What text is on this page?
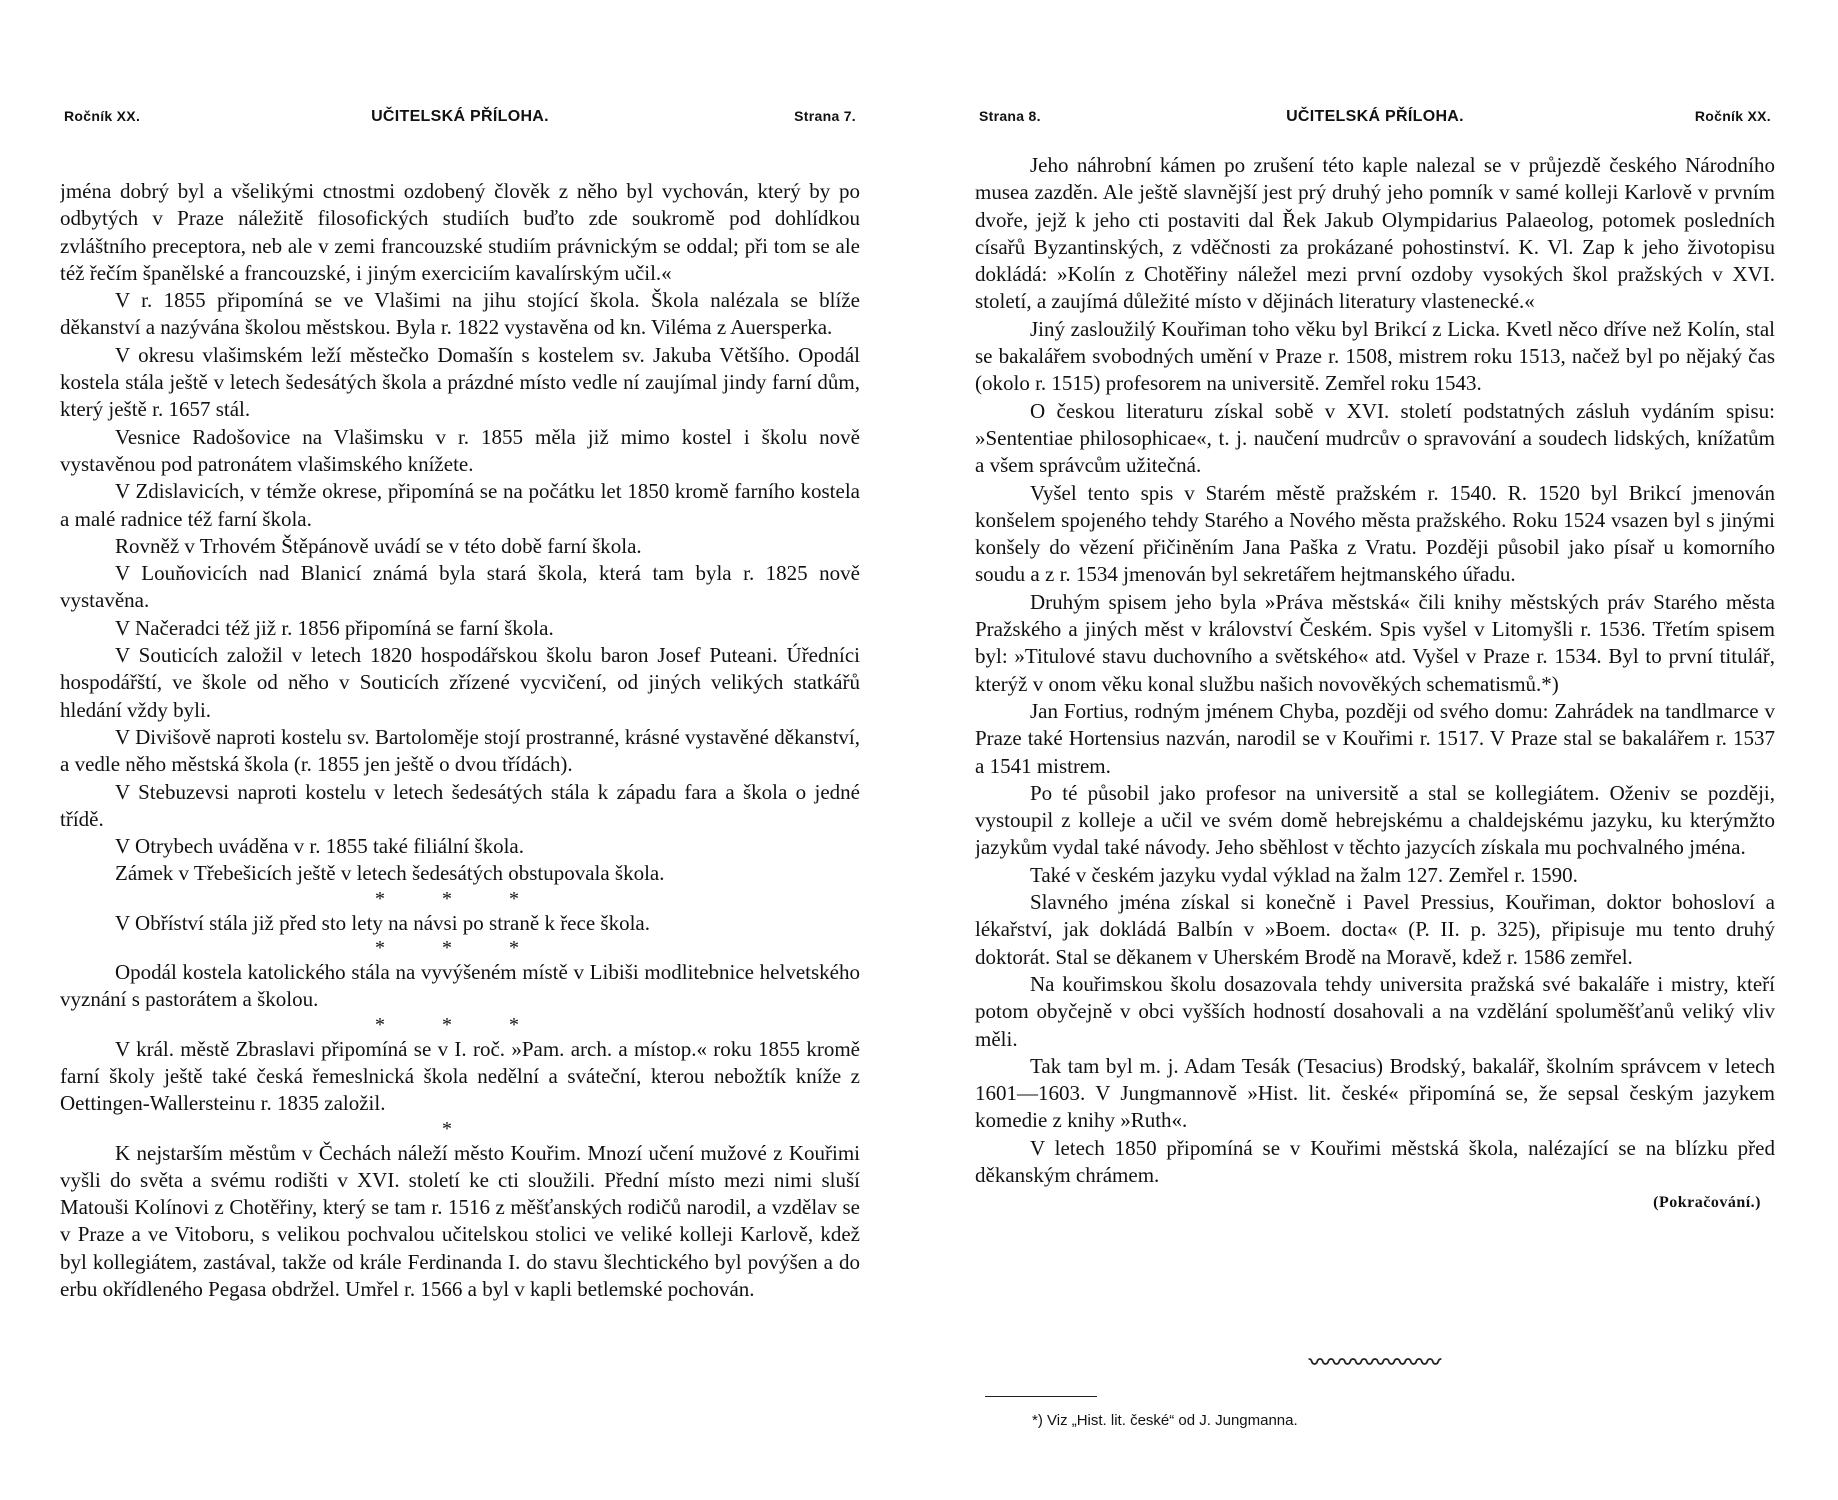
Ročník XX.	UČITELSKÁ PŘÍLOHA.	Strana 7.

jména dobrý byl a všelikými ctnostmi ozdobený člověk z něho byl vychován, který by po odbytých v Praze náležitě filosofických studiích buďto zde soukromě pod dohlídkou zvláštního preceptora, neb ale v zemi francouzské studiím právnickým se oddal; při tom se ale též řečím španělské a francouzské, i jiným exerciciím kavalírským učil.«

V r. 1855 připomíná se ve Vlašimi na jihu stojící škola. Škola nalézala se blíže děkanství a nazývána školou městskou. Byla r. 1822 vystavěna od kn. Viléma z Auersperka.

V okresu vlašimském leží městečko Domašín s kostelem sv. Jakuba Většího. Opodál kostela stála ještě v letech šedesátých škola a prázdné místo vedle ní zaujímal jindy farní dům, který ještě r. 1657 stál.

Vesnice Radošovice na Vlašimsku v r. 1855 měla již mimo kostel i školu nově vystavěnou pod patronátem vlašimského knížete.

V Zdislavicích, v témže okrese, připomíná se na počátku let 1850 kromě farního kostela a malé radnice též farní škola.

Rovněž v Trhovém Štěpánově uvádí se v této době farní škola.

V Louňovicích nad Blanicí známá byla stará škola, která tam byla r. 1825 nově vystavěna.

V Načeradci též již r. 1856 připomíná se farní škola.

V Souticích založil v letech 1820 hospodářskou školu baron Josef Puteani. Úředníci hospodářští, ve škole od něho v Souticích zřízené vycvičení, od jiných velikých statkářů hledání vždy byli.

V Divišově naproti kostelu sv. Bartoloměje stojí prostranné, krásné vystavěné děkanství, a vedle něho městská škola (r. 1855 jen ještě o dvou třídách).

V Stebuzevsi naproti kostelu v letech šedesátých stála k západu fara a škola o jedné třídě.

V Otrybech uváděna v r. 1855 také filiální škola.

Zámek v Třebešicích ještě v letech šedesátých obstupovala škola.

* * *

V Obříství stála již před sto lety na návsi po straně k řece škola.

* * *

Opodál kostela katolického stála na vyvýšeném místě v Libiši modlitebnice helvetského vyznání s pastorátem a školou.

* * *

V král. městě Zbraslavi připomíná se v I. roč. »Pam. arch. a místop.« roku 1855 kromě farní školy ještě také česká řemeslnická škola nedělní a sváteční, kterou nebožtík kníže z Oettingen-Wallersteinu r. 1835 založil.

*

K nejstarším městům v Čechách náleží město Kouřim. Mnozí učení mužové z Kouřimi vyšli do světa a svému rodišti v XVI. století ke cti sloužili. Přední místo mezi nimi sluší Matouši Kolínovi z Chotěřiny, který se tam r. 1516 z měšťanských rodičů narodil, a vzdělav se v Praze a ve Vitoboru, s velikou pochvalou učitelskou stolici ve veliké kolleji Karlově, kdež byl kollegiátem, zastával, takže od krále Ferdinanda I. do stavu šlechtického byl povýšen a do erbu okřídleného Pegasa obdržel. Umřel r. 1566 a byl v kapli betlemské pochován.

Strana 8.	UČITELSKÁ PŘÍLOHA.	Ročník XX.

Jeho náhrobní kámen po zrušení této kaple nalezal se v průjezdě českého Národního musea zazděn. Ale ještě slavnější jest prý druhý jeho pomník v samé kolleji Karlově v prvním dvoře, jejž k jeho cti postaviti dal Řek Jakub Olympidarius Palaeolog, potomek posledních císařů Byzantinských, z vděčnosti za prokázané pohostinství. K. Vl. Zap k jeho životopisu dokládá: »Kolín z Chotěřiny náležel mezi první ozdoby vysokých škol pražských v XVI. století, a zaujímá důležité místo v dějinách literatury vlastenecké.«

Jiný zasloužilý Kouřiman toho věku byl Brikcí z Licka. Kvetl něco dříve než Kolín, stal se bakalářem svobodných umění v Praze r. 1508, mistrem roku 1513, načež byl po nějaký čas (okolo r. 1515) profesorem na universitě. Zemřel roku 1543.

O českou literaturu získal sobě v XVI. století podstatných zásluh vydáním spisu: »Sententiae philosophicae«, t. j. naučení mudrcův o spravování a soudech lidských, knížatům a všem správcům užitečná.

Vyšel tento spis v Starém městě pražském r. 1540. R. 1520 byl Brikcí jmenován konšelem spojeného tehdy Starého a Nového města pražského. Roku 1524 vsazen byl s jinými konšely do vězení přičiněním Jana Paška z Vratu. Později působil jako písař u komorního soudu a z r. 1534 jmenován byl sekretářem hejtmanského úřadu.

Druhým spisem jeho byla »Práva městská« čili knihy městských práv Starého města Pražského a jiných měst v království Českém. Spis vyšel v Litomyšli r. 1536. Třetím spisem byl: »Titulové stavu duchovního a světského« atd. Vyšel v Praze r. 1534. Byl to první titulář, kterýž v onom věku konal službu našich novověkých schematismů.*)

Jan Fortius, rodným jménem Chyba, později od svého domu: Zahrádek na tandlmarce v Praze také Hortensius nazván, narodil se v Kouřimi r. 1517. V Praze stal se bakalářem r. 1537 a 1541 mistrem.

Po té působil jako profesor na universitě a stal se kollegiátem. Oženiv se později, vystoupil z kolleje a učil ve svém domě hebrejskému a chaldejskému jazyku, ku kterýmžto jazykům vydal také návody. Jeho sběhlost v těchto jazycích získala mu pochvalného jména.

Také v českém jazyku vydal výklad na žalm 127. Zemřel r. 1590.

Slavného jména získal si konečně i Pavel Pressius, Kouřiman, doktor bohosloví a lékařství, jak dokládá Balbín v »Boem. docta« (P. II. p. 325), připisuje mu tento druhý doktorát. Stal se děkanem v Uherském Brodě na Moravě, kdež r. 1586 zemřel.

Na kouřimskou školu dosazovala tehdy universita pražská své bakaláře i mistry, kteří potom obyčejně v obci vyšších hodností dosahovali a na vzdělání spoluměšťanů veliký vliv měli.

Tak tam byl m. j. Adam Tesák (Tesacius) Brodský, bakalář, školním správcem v letech 1601—1603. V Jungmannově »Hist. lit. české« připomíná se, že sepsal českým jazykem komedie z knihy »Ruth«.

V letech 1850 připomíná se v Kouřimi městská škola, nalézající se na blízku před děkanským chrámem.

(Pokračování.)
〰〰〰〰〰〰
*) Viz „Hist. lit. české“ od J. Jungmanna.
